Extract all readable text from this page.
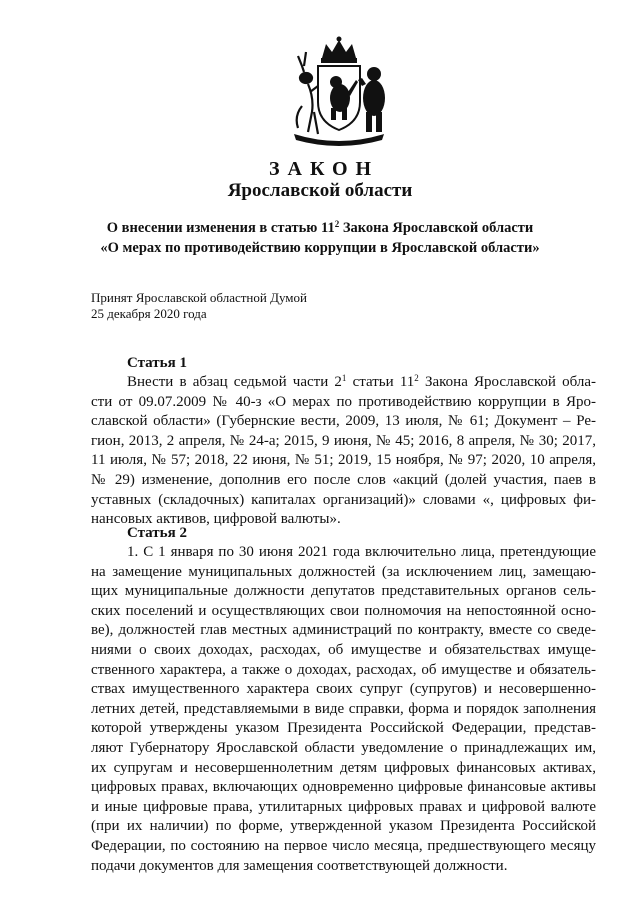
ЗАКОН
Ярославской области
О внесении изменения в статью $11^2$ Закона Ярославской области
«О мерах по противодействию коррупции в Ярославской области»
Принят Ярославской областной Думой
25 декабря 2020 года
Статья 1
Внести в абзац седьмой части $2^1$ статьи $11^2$ Закона Ярославской обла-
сти от 09.07.2009 № 40-з «О мерах по противодействию коррупции в Яро-
славской области» (Губернские вести, 2009, 13 июля, № 61; Документ – Ре-
гион, 2013, 2 апреля, № 24-а; 2015, 9 июня, № 45; 2016, 8 апреля, № 30; 2017,
11 июля, № 57; 2018, 22 июня, № 51; 2019, 15 ноября, № 97; 2020, 10 апреля,
№ 29) изменение, дополнив его после слов «акций (долей участия, паев в
уставных (складочных) капиталах организаций)» словами «, цифровых фи-
нансовых активов, цифровой валюты».
Статья 2
1. С 1 января по 30 июня 2021 года включительно лица, претендующие
на замещение муниципальных должностей (за исключением лиц, замещаю-
щих муниципальные должности депутатов представительных органов сель-
ских поселений и осуществляющих свои полномочия на непостоянной осно-
ве), должностей глав местных администраций по контракту, вместе со сведе-
ниями о своих доходах, расходах, об имуществе и обязательствах имуще-
ственного характера, а также о доходах, расходах, об имуществе и обязатель-
ствах имущественного характера своих супруг (супругов) и несовершенно-
летних детей, представляемыми в виде справки, форма и порядок заполнения
которой утверждены указом Президента Российской Федерации, представ-
ляют Губернатору Ярославской области уведомление о принадлежащих им,
их супругам и несовершеннолетним детям цифровых финансовых активах,
цифровых правах, включающих одновременно цифровые финансовые активы
и иные цифровые права, утилитарных цифровых правах и цифровой валюте
(при их наличии) по форме, утвержденной указом Президента Российской
Федерации, по состоянию на первое число месяца, предшествующего месяцу
подачи документов для замещения соответствующей должности.
